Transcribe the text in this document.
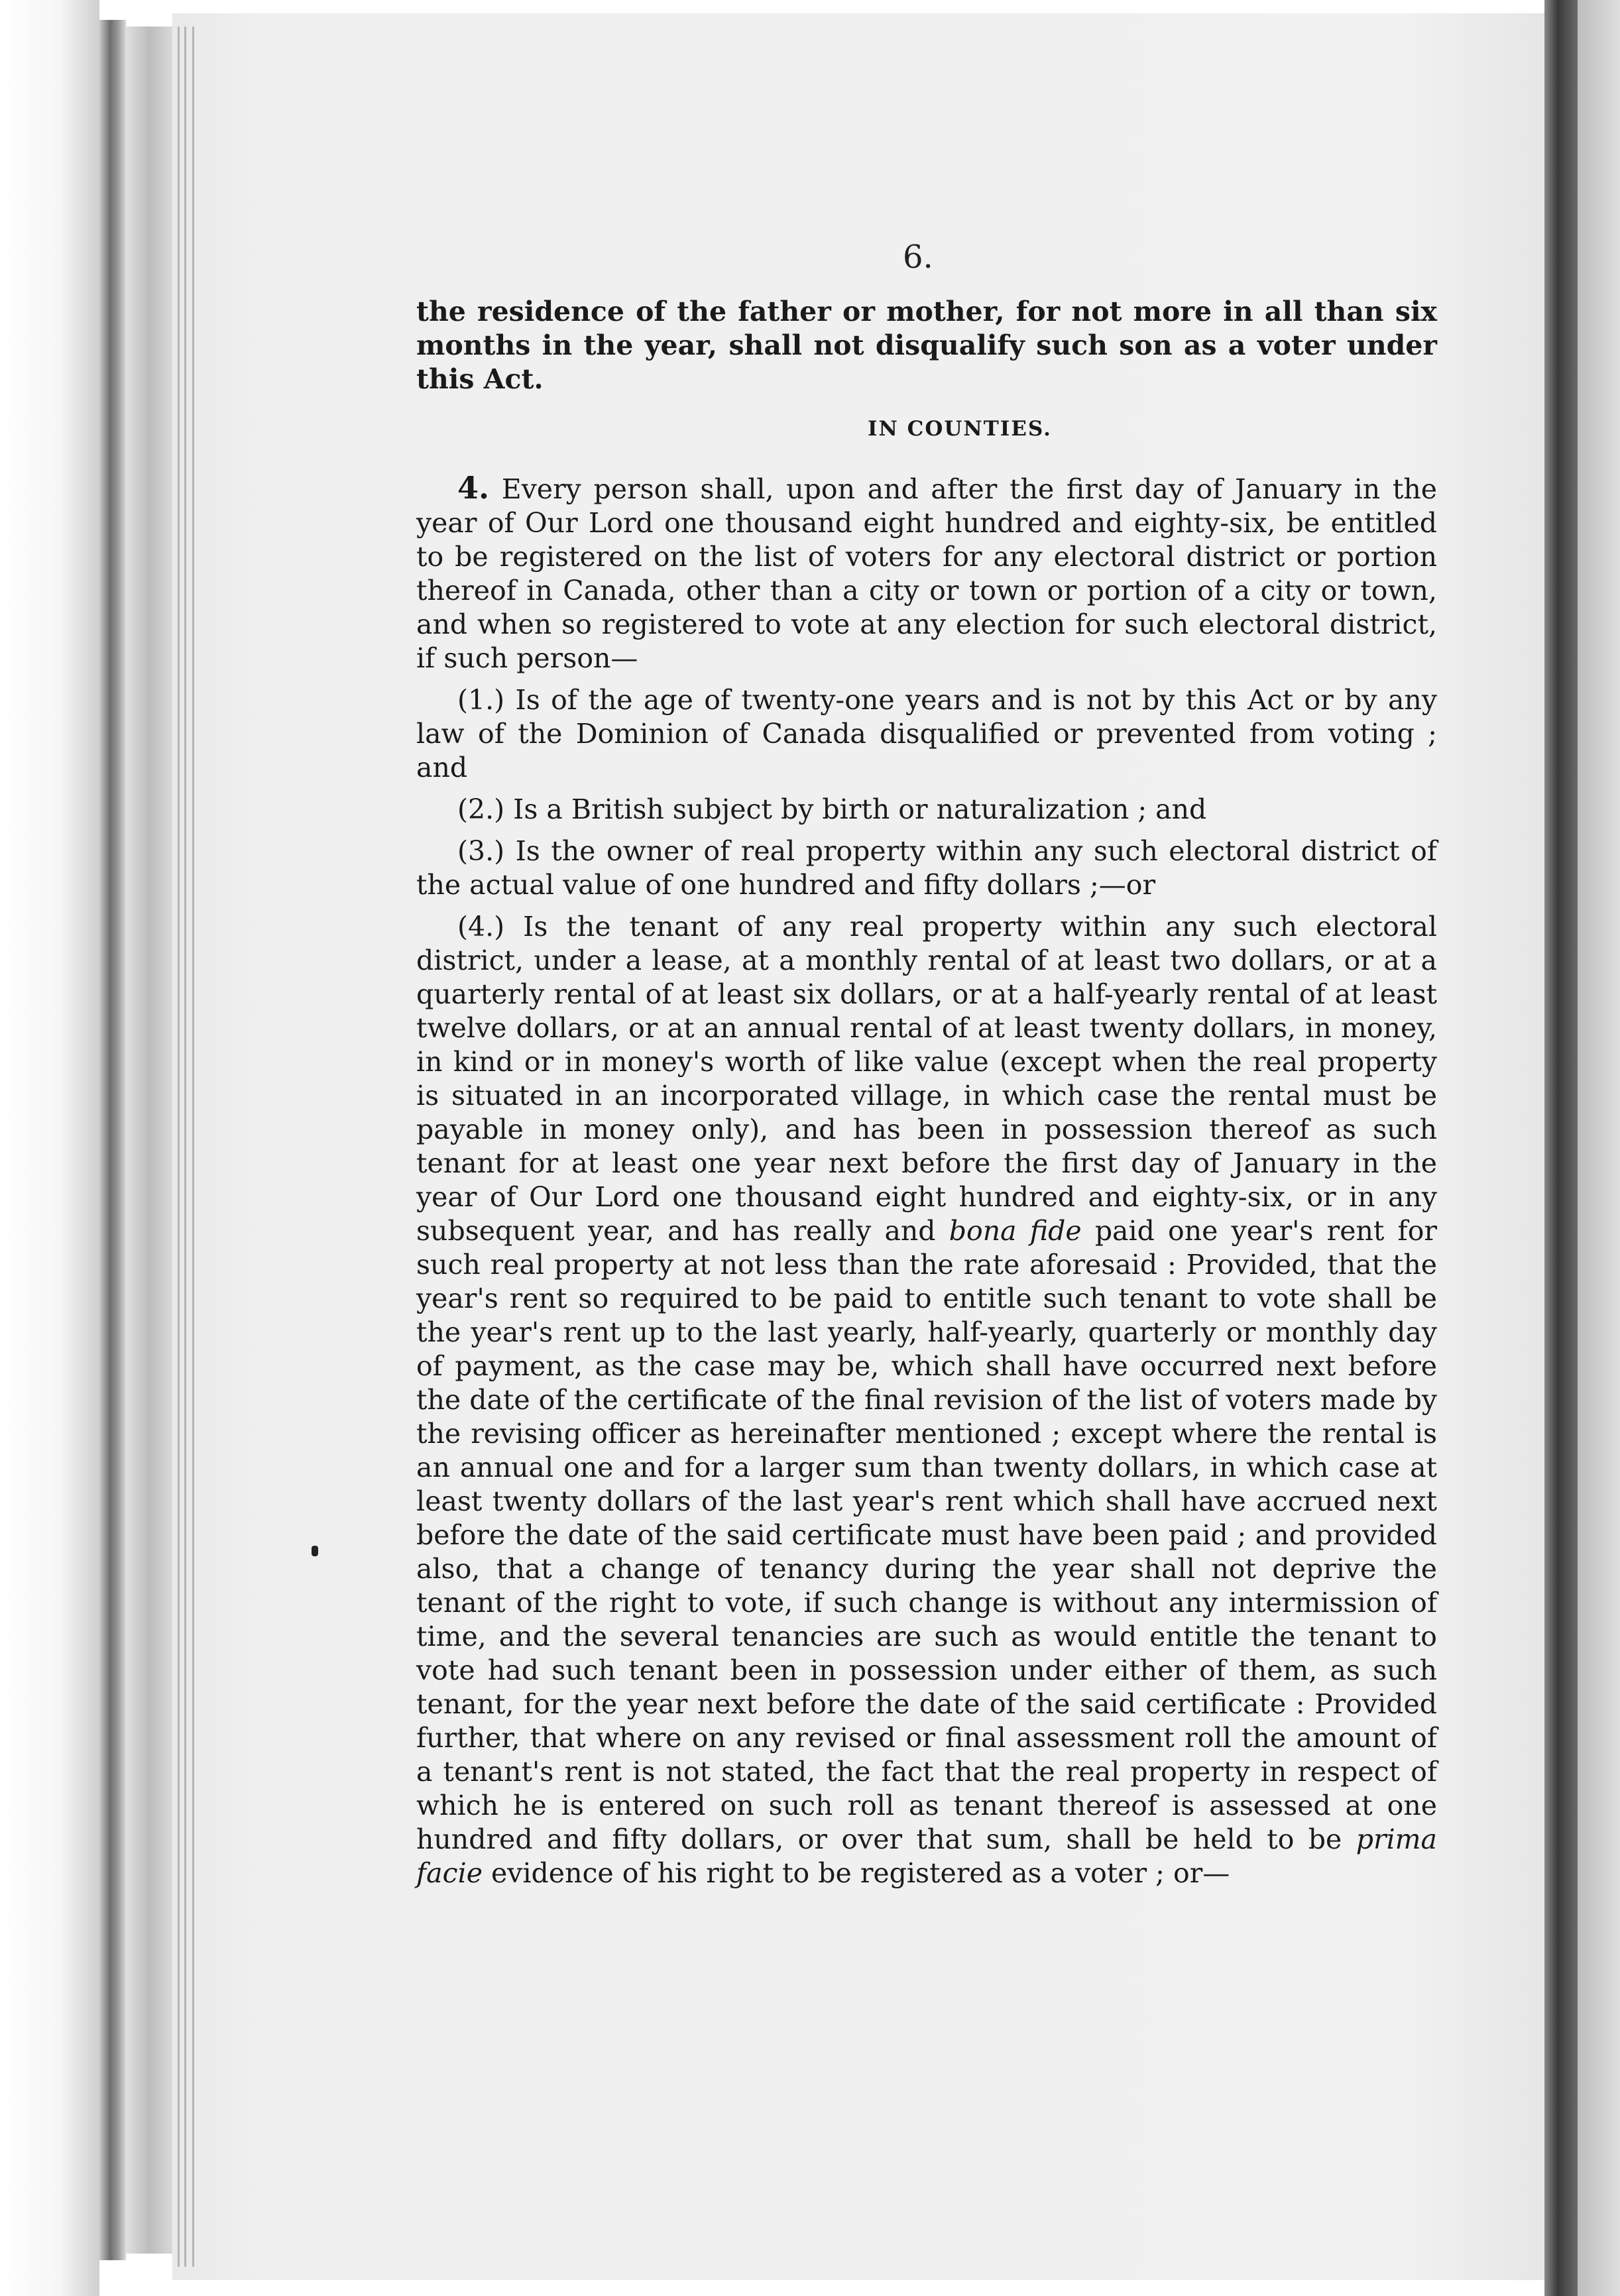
6.

the residence of the father or mother, for not more in all than six months in the year, shall not disqualify such son as a voter under this Act.

IN COUNTIES.

4. Every person shall, upon and after the first day of January in the year of Our Lord one thousand eight hundred and eighty-six, be entitled to be registered on the list of voters for any electoral district or portion thereof in Canada, other than a city or town or portion of a city or town, and when so registered to vote at any election for such electoral district, if such person—

(1.) Is of the age of twenty-one years and is not by this Act or by any law of the Dominion of Canada disqualified or prevented from voting ; and

(2.) Is a British subject by birth or naturalization ; and

(3.) Is the owner of real property within any such electoral district of the actual value of one hundred and fifty dollars ;—or

(4.) Is the tenant of any real property within any such electoral district, under a lease, at a monthly rental of at least two dollars, or at a quarterly rental of at least six dollars, or at a half-yearly rental of at least twelve dollars, or at an annual rental of at least twenty dollars, in money, in kind or in money's worth of like value (except when the real property is situated in an incorporated village, in which case the rental must be payable in money only), and has been in possession thereof as such tenant for at least one year next before the first day of January in the year of Our Lord one thousand eight hundred and eighty-six, or in any subsequent year, and has really and bona fide paid one year's rent for such real property at not less than the rate aforesaid : Provided, that the year's rent so required to be paid to entitle such tenant to vote shall be the year's rent up to the last yearly, half-yearly, quarterly or monthly day of payment, as the case may be, which shall have occurred next before the date of the certificate of the final revision of the list of voters made by the revising officer as hereinafter mentioned ; except where the rental is an annual one and for a larger sum than twenty dollars, in which case at least twenty dollars of the last year's rent which shall have accrued next before the date of the said certificate must have been paid ; and provided also, that a change of tenancy during the year shall not deprive the tenant of the right to vote, if such change is without any intermission of time, and the several tenancies are such as would entitle the tenant to vote had such tenant been in possession under either of them, as such tenant, for the year next before the date of the said certificate : Provided further, that where on any revised or final assessment roll the amount of a tenant's rent is not stated, the fact that the real property in respect of which he is entered on such roll as tenant thereof is assessed at one hundred and fifty dollars, or over that sum, shall be held to be prima facie evidence of his right to be registered as a voter ; or—
